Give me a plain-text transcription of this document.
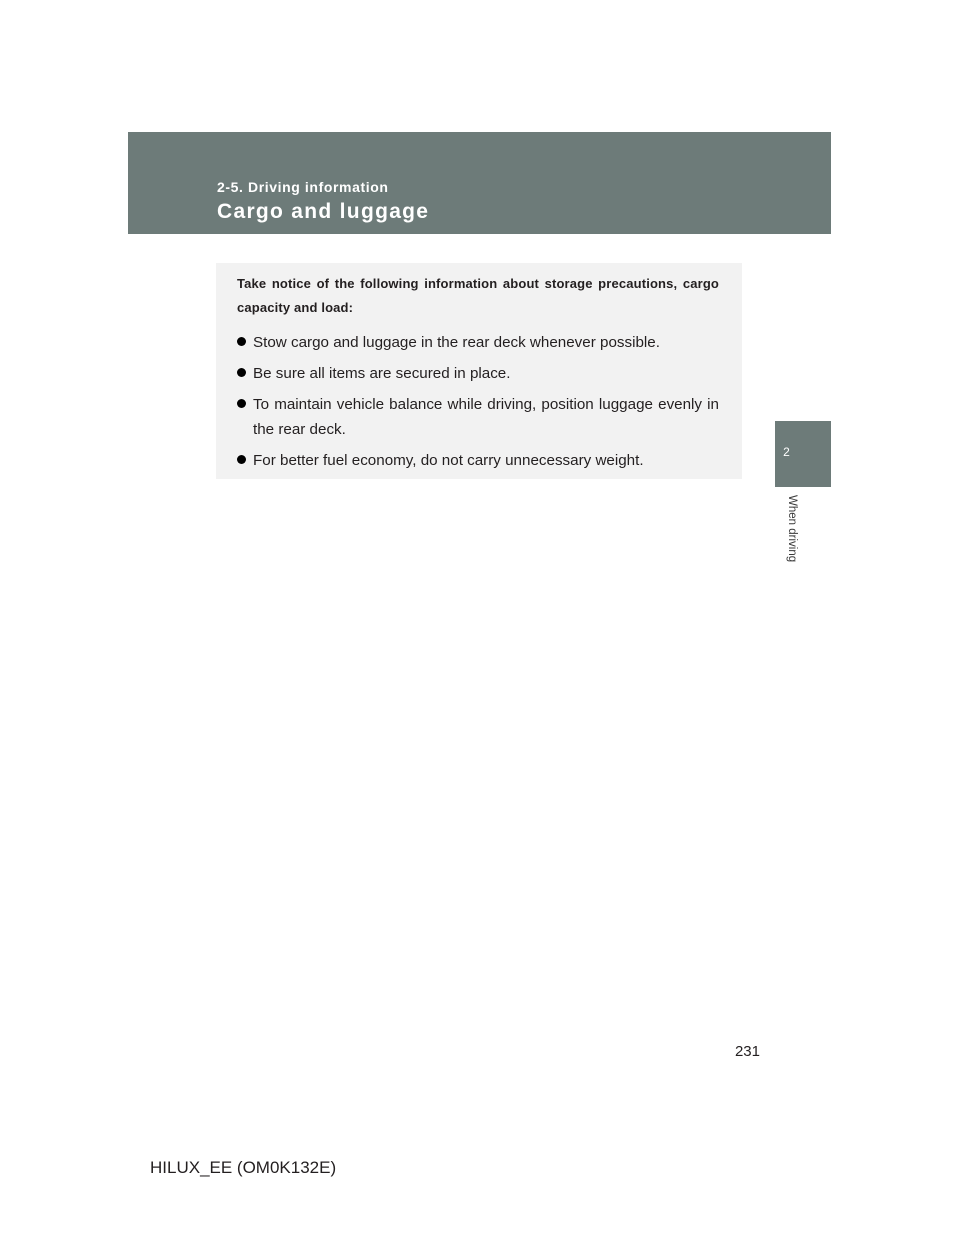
2-5. Driving information
Cargo and luggage
2
When driving

Take notice of the following information about storage precautions, cargo capacity and load:

Stow cargo and luggage in the rear deck whenever possible.
Be sure all items are secured in place.
To maintain vehicle balance while driving, position luggage evenly in the rear deck.
For better fuel economy, do not carry unnecessary weight.
231
HILUX_EE (OM0K132E)
